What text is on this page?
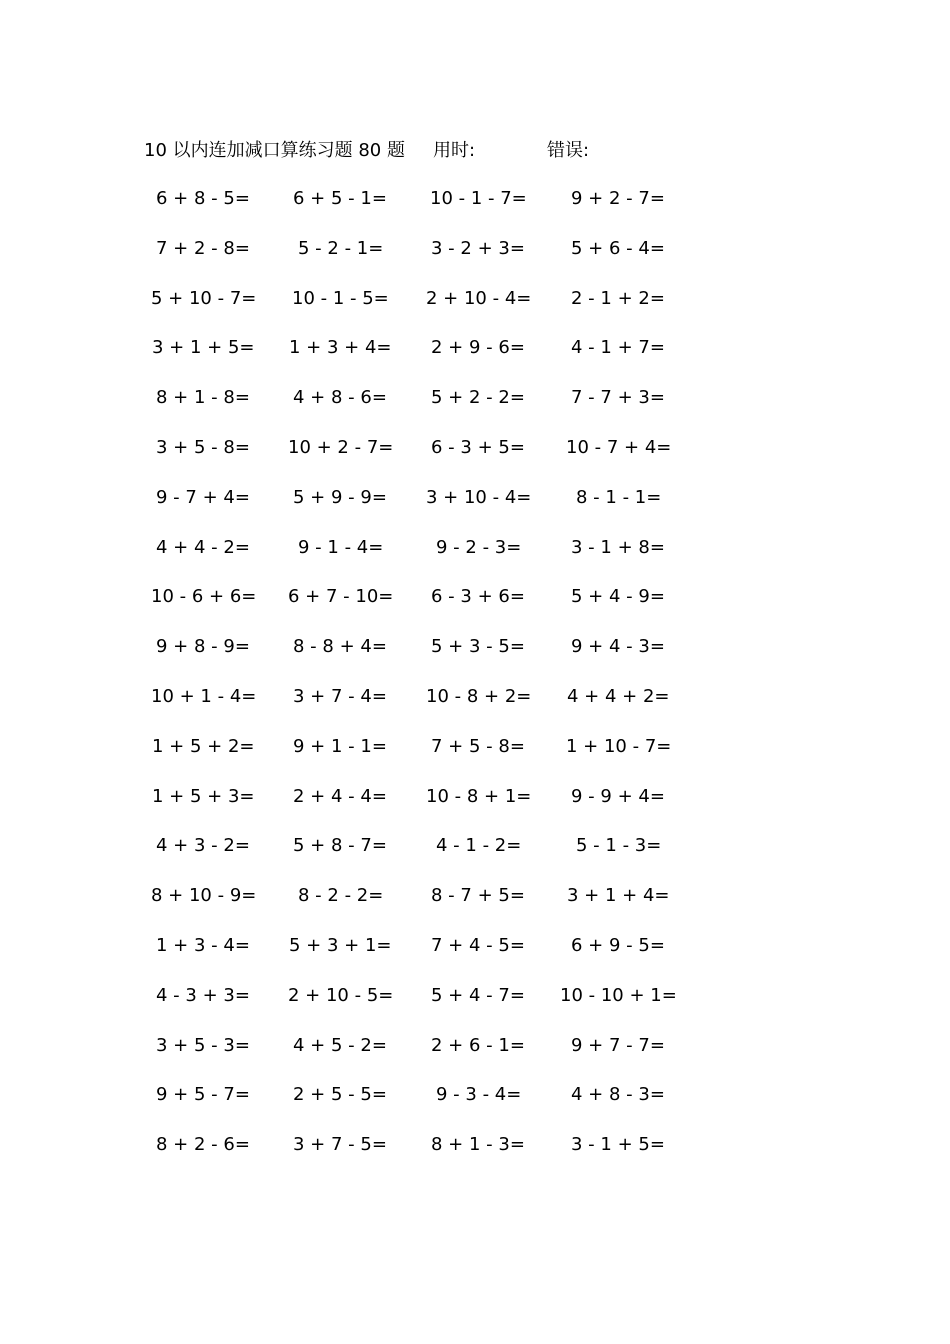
10 以内连加减口算练习题 80 题 用时:	错误:
6 + 8 - 5= 6 + 5 - 1= 10 - 1 - 7= 9 + 2 - 7=
7 + 2 - 8=	5 - 2 - 1=	3 - 2 + 3=	5 + 6 - 4=
5 + 10 - 7= 10 - 1 - 5= 2 + 10 - 4= 2 - 1 + 2=
3 + 1 + 5= 1 + 3 + 4= 2 + 9 - 6=	4 - 1 + 7=
8 + 1 - 8= 4 + 8 - 6= 5 + 2 - 2=	7 - 7 + 3=
3 + 5 - 8= 10 + 2 - 7= 6 - 3 + 5= 10 - 7 + 4=
9 - 7 + 4= 5 + 9 - 9= 3 + 10 - 4= 8 - 1 - 1=
4 + 4 - 2=	9 - 1 - 4=	9 - 2 - 3=	3 - 1 + 8=
10 - 6 + 6= 6 + 7 - 10= 6 - 3 + 6=	5 + 4 - 9=
9 + 8 - 9= 8 - 8 + 4= 5 + 3 - 5=	9 + 4 - 3=
10 + 1 - 4= 3 + 7 - 4= 10 - 8 + 2= 4 + 4 + 2=
1 + 5 + 2= 9 + 1 - 1= 7 + 5 - 8= 1 + 10 - 7=
1 + 5 + 3= 2 + 4 - 4= 10 - 8 + 1= 9 - 9 + 4=
4 + 3 - 2= 5 + 8 - 7=	4 - 1 - 2=	5 - 1 - 3=
8 + 10 - 9= 8 - 2 - 2=	8 - 7 + 5= 3 + 1 + 4=
1 + 3 - 4= 5 + 3 + 1= 7 + 4 - 5=	6 + 9 - 5=
4 - 3 + 3= 2 + 10 - 5= 5 + 4 - 7= 10 - 10 + 1=
3 + 5 - 3= 4 + 5 - 2= 2 + 6 - 1=	9 + 7 - 7=
9 + 5 - 7= 2 + 5 - 5=	9 - 3 - 4=	4 + 8 - 3=
8 + 2 - 6= 3 + 7 - 5= 8 + 1 - 3=	3 - 1 + 5=
